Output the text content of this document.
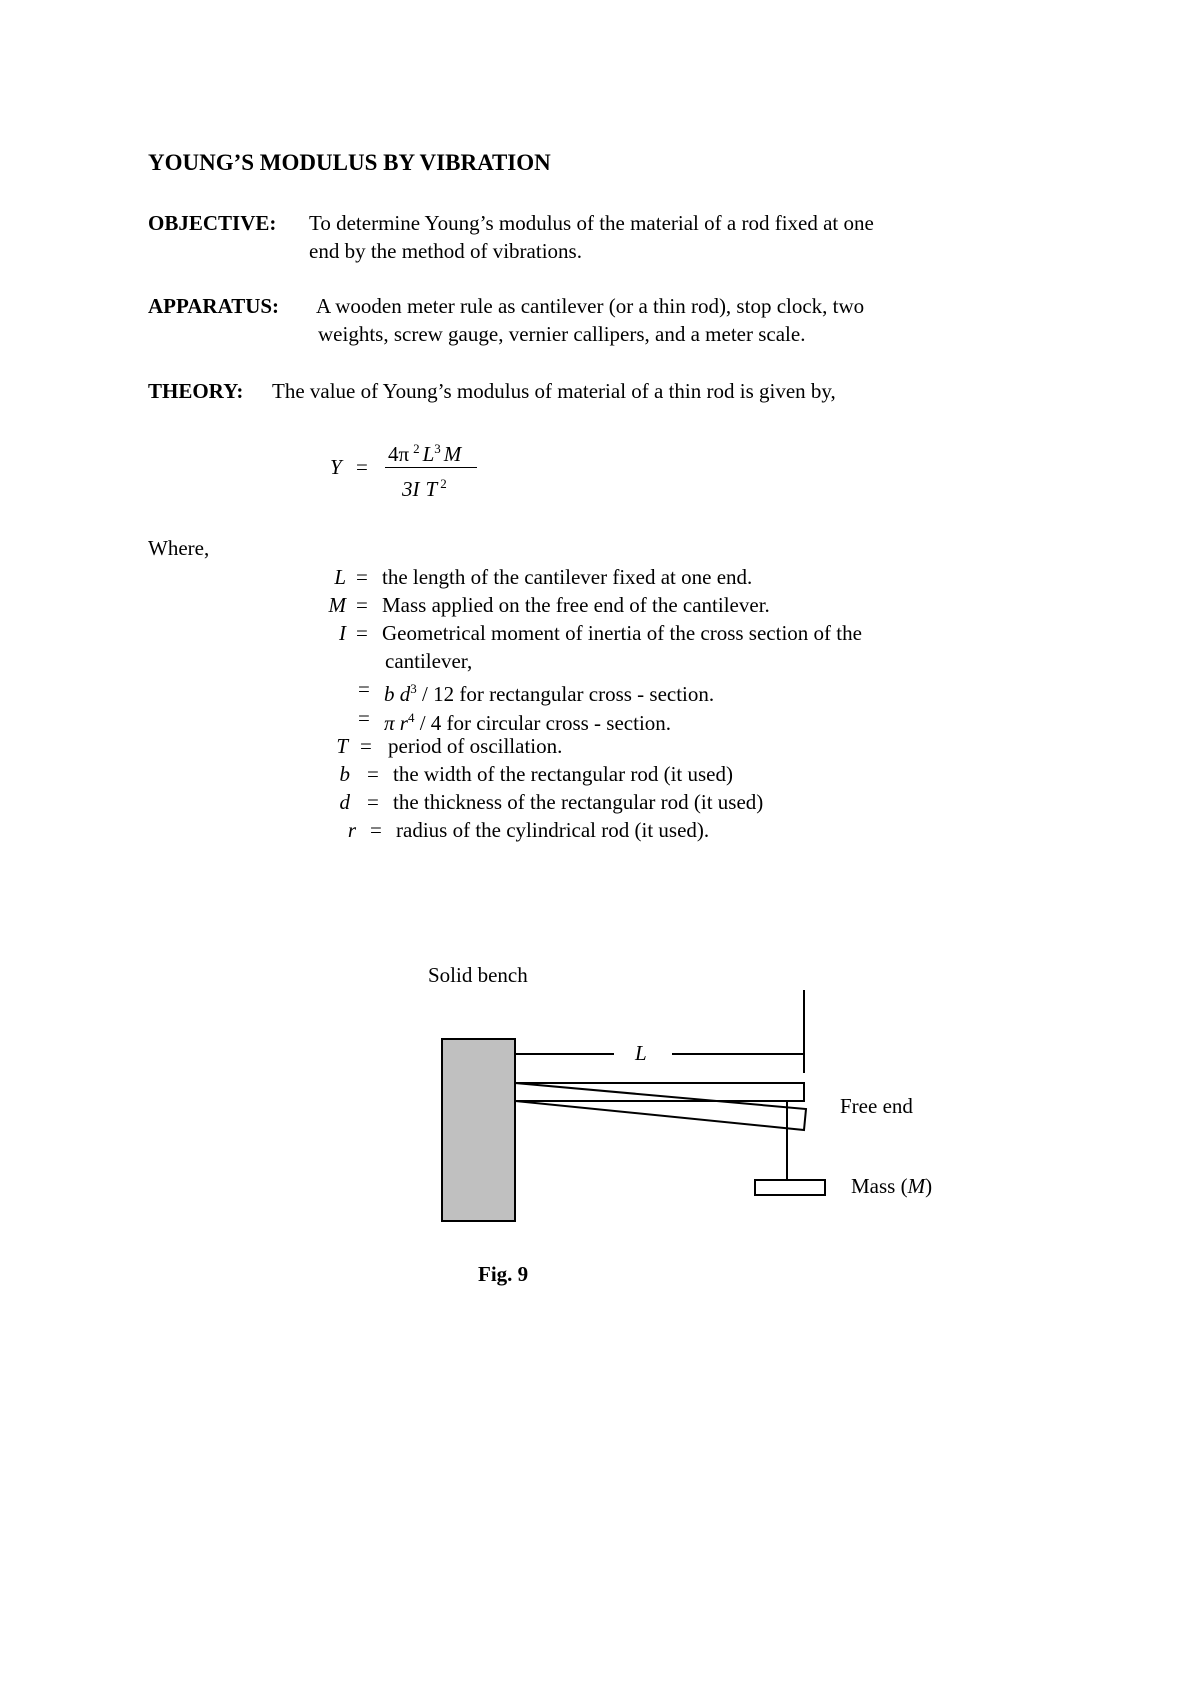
YOUNG’S MODULUS BY VIBRATION
OBJECTIVE: To determine Young’s modulus of the material of a rod fixed at one
end by the method of vibrations.
APPARATUS: A wooden meter rule as cantilever (or a thin rod), stop clock, two
weights, screw gauge, vernier callipers, and a meter scale.
THEORY: The value of Young’s modulus of material of a thin rod is given by,
Y =
4π $^2$ $L^3$ M
3I T $^2$
Where,
L = the length of the cantilever fixed at one end.
M = Mass applied on the free end of the cantilever.
I = Geometrical moment of inertia of the cross section of the
cantilever,
= b $d^3 / 12$ for rectangular cross - section.
= π $r^4 / 4$ for circular cross - section.
T = period of oscillation.
b = the width of the rectangular rod (it used)
d = the thickness of the rectangular rod (it used)
r = radius of the cylindrical rod (it used).
Solid bench
L
Free end
Mass (M)
Fig. 9
